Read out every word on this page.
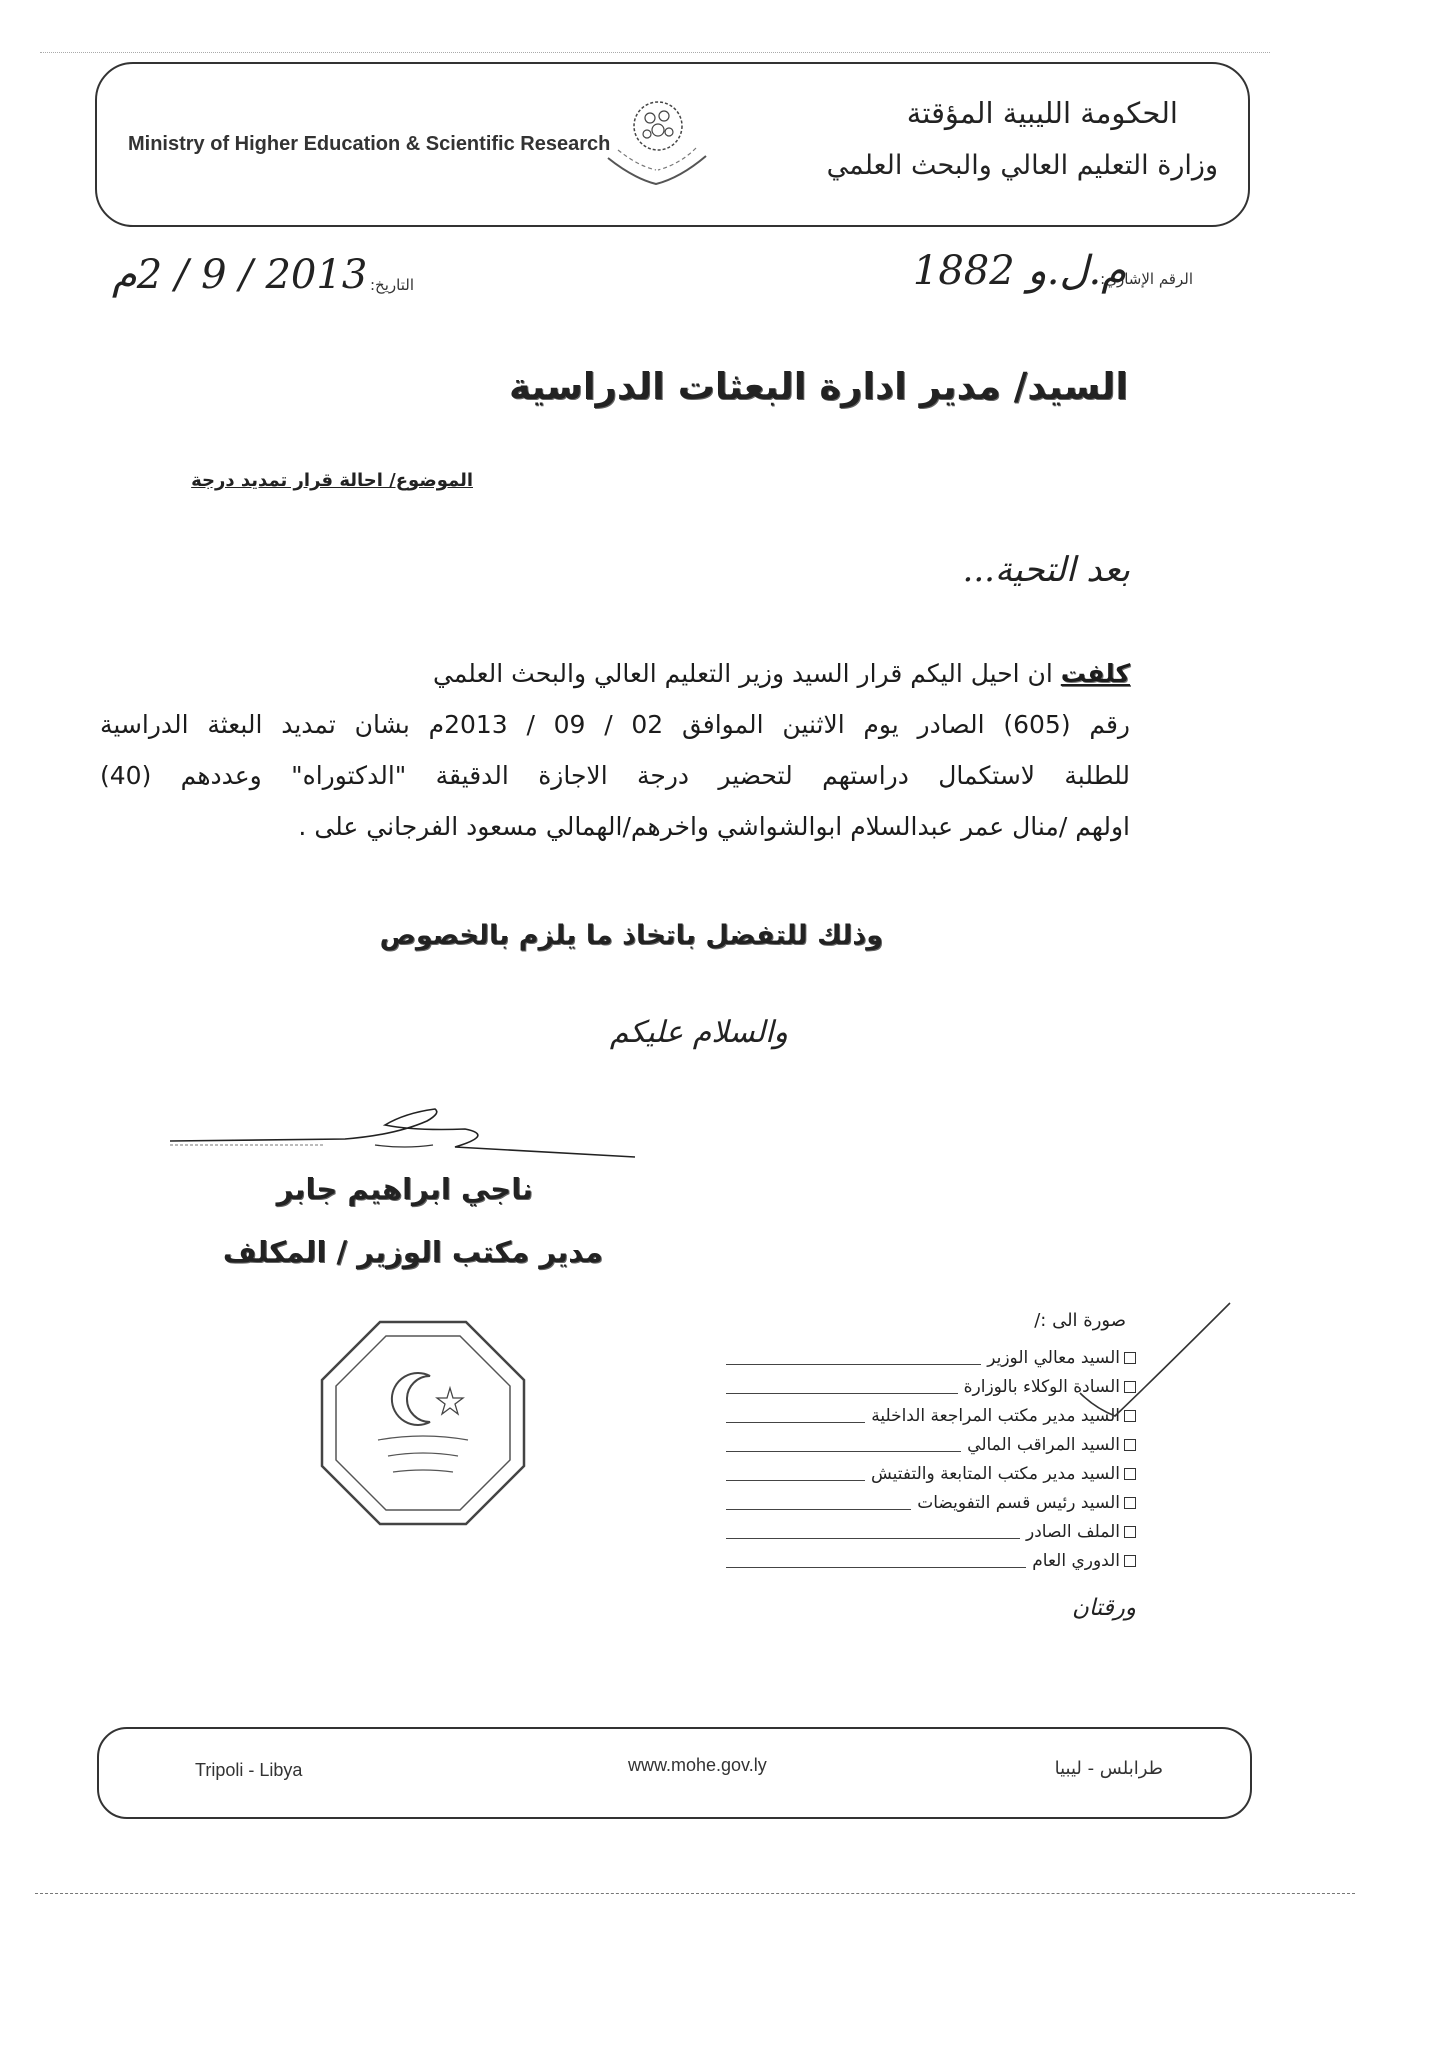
Ministry of Higher Education & Scientific Research
الحكومة الليبية المؤقتة
وزارة التعليم العالي والبحث العلمي
الرقم الإشاري:
م.ل.و 1882
التاريخ:
2013 / 9 / 2م
السيد/ مدير ادارة البعثات الدراسية
الموضوع/ احالة قرار تمديد درجة
بعد التحية...
كلفت ان احيل اليكم قرار السيد وزير التعليم العالي والبحث العلمي
رقم (605) الصادر يوم الاثنين الموافق 02 / 09 / 2013م بشان تمديد البعثة الدراسية
للطلبة لاستكمال دراستهم لتحضير درجة الاجازة الدقيقة "الدكتوراه" وعددهم (40)
اولهم /منال عمر عبدالسلام ابوالشواشي واخرهم/الهمالي مسعود الفرجاني على .
وذلك للتفضل باتخاذ ما يلزم بالخصوص
والسلام عليكم
ناجي ابراهيم جابر
مدير مكتب الوزير / المكلف
صورة الى :/
السيد معالي الوزير
السادة الوكلاء بالوزارة
السيد مدير مكتب المراجعة الداخلية
السيد المراقب المالي
السيد مدير مكتب المتابعة والتفتيش
السيد رئيس قسم التفويضات
الملف الصادر
الدوري العام
ورقتان
Tripoli - Libya	www.mohe.gov.ly	طرابلس - ليبيا
